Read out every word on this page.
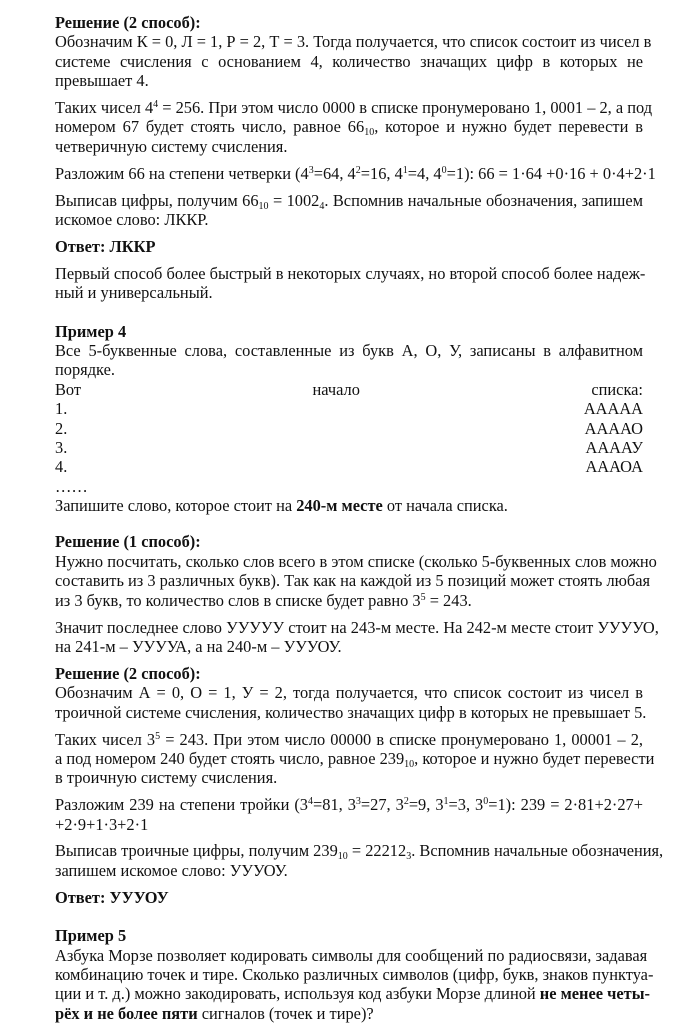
Решение (2 способ):
Обозначим К = 0, Л = 1, Р = 2, Т = 3. Тогда получается, что список состоит из чисел в
системе счисления с основанием 4, количество значащих цифр в которых не
превышает 4.
Таких чисел $4^4 = 256$. При этом число 0000 в списке пронумеровано 1, 0001 – 2, а под
номером 67 будет стоять число, равное $66_{10}$, которое и нужно будет перевести в
четверичную систему счисления.
Разложим 66 на степени четверки ($4^3=64$, $4^2=16$, $4^1=4$, $4^0=1$): 66 = 1·64 +0·16 + 0·4+2·1
Выписав цифры, получим $66_{10} = 1002_4$. Вспомнив начальные обозначения, запишем
искомое слово: ЛККР.
Ответ: ЛККР
Первый способ более быстрый в некоторых случаях, но второй способ более надеж-
ный и универсальный.
Пример 4
Все 5-буквенные слова, составленные из букв А, О, У, записаны в алфавитном
порядке.
Вот начало списка:
1. ААААА
2. ААААО
3. ААААУ
4. АААОА
……
Запишите слово, которое стоит на 240-м месте от начала списка.
Решение (1 способ):
Нужно посчитать, сколько слов всего в этом списке (сколько 5-буквенных слов можно
составить из 3 различных букв). Так как на каждой из 5 позиций может стоять любая
из 3 букв, то количество слов в списке будет равно $3^5 = 243$.
Значит последнее слово УУУУУ стоит на 243-м месте. На 242-м месте стоит УУУУО,
на 241-м – УУУУА, а на 240-м – УУУОУ.
Решение (2 способ):
Обозначим А = 0, О = 1, У = 2, тогда получается, что список состоит из чисел в
троичной системе счисления, количество значащих цифр в которых не превышает 5.
Таких чисел $3^5 = 243$. При этом число 00000 в списке пронумеровано 1, 00001 – 2,
а под номером 240 будет стоять число, равное $239_{10}$, которое и нужно будет перевести
в троичную систему счисления.
Разложим 239 на степени тройки ($3^4=81$, $3^3=27$, $3^2=9$, $3^1=3$, $3^0=1$): 239 = 2·81+2·27+
+2·9+1·3+2·1
Выписав троичные цифры, получим $239_{10} = 22212_3$. Вспомнив начальные обозначения,
запишем искомое слово: УУУОУ.
Ответ: УУУОУ
Пример 5
Азбука Морзе позволяет кодировать символы для сообщений по радиосвязи, задавая
комбинацию точек и тире. Сколько различных символов (цифр, букв, знаков пунктуа-
ции и т. д.) можно закодировать, используя код азбуки Морзе длиной не менее четы-
рёх и не более пяти сигналов (точек и тире)?
